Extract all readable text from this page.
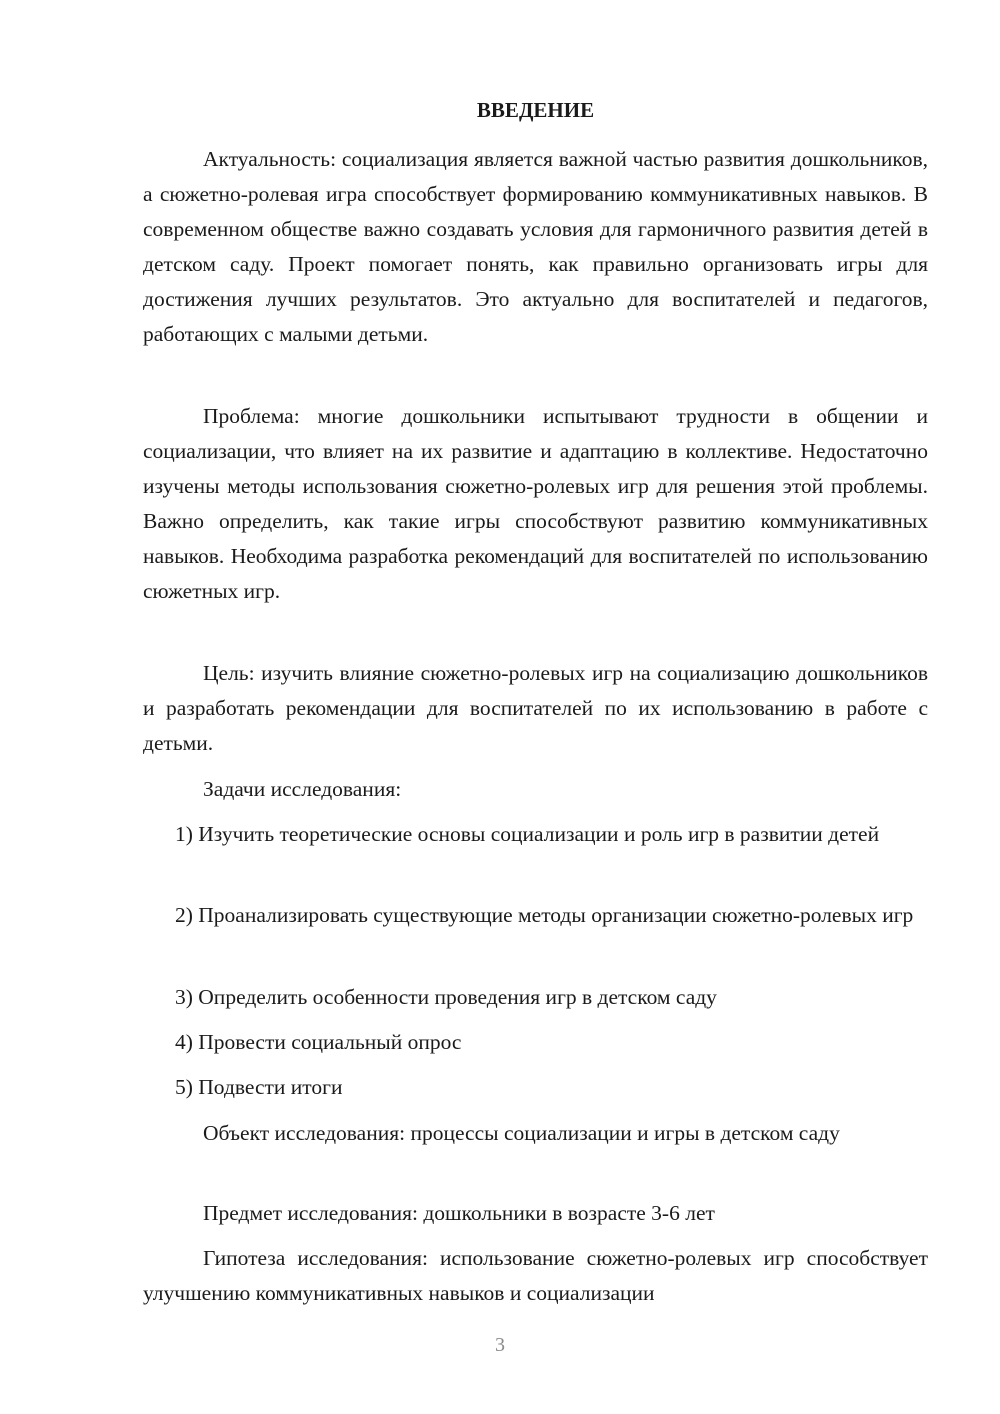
ВВЕДЕНИЕ

Актуальность: социализация является важной частью развития дошкольников, а сюжетно-ролевая игра способствует формированию коммуникативных навыков. В современном обществе важно создавать условия для гармоничного развития детей в детском саду. Проект помогает понять, как правильно организовать игры для достижения лучших результатов. Это актуально для воспитателей и педагогов, работающих с малыми детьми.

Проблема: многие дошкольники испытывают трудности в общении и социализации, что влияет на их развитие и адаптацию в коллективе. Недостаточно изучены методы использования сюжетно-ролевых игр для решения этой проблемы. Важно определить, как такие игры способствуют развитию коммуникативных навыков. Необходима разработка рекомендаций для воспитателей по использованию сюжетных игр.

Цель: изучить влияние сюжетно-ролевых игр на социализацию дошкольников и разработать рекомендации для воспитателей по их использованию в работе с детьми.

Задачи исследования:

1) Изучить теоретические основы социализации и роль игр в развитии детей

2) Проанализировать существующие методы организации сюжетно-ролевых игр

3) Определить особенности проведения игр в детском саду

4) Провести социальный опрос

5) Подвести итоги

Объект исследования: процессы социализации и игры в детском саду

Предмет исследования: дошкольники в возрасте 3-6 лет

Гипотеза исследования: использование сюжетно-ролевых игр способствует улучшению коммуникативных навыков и социализации

3
